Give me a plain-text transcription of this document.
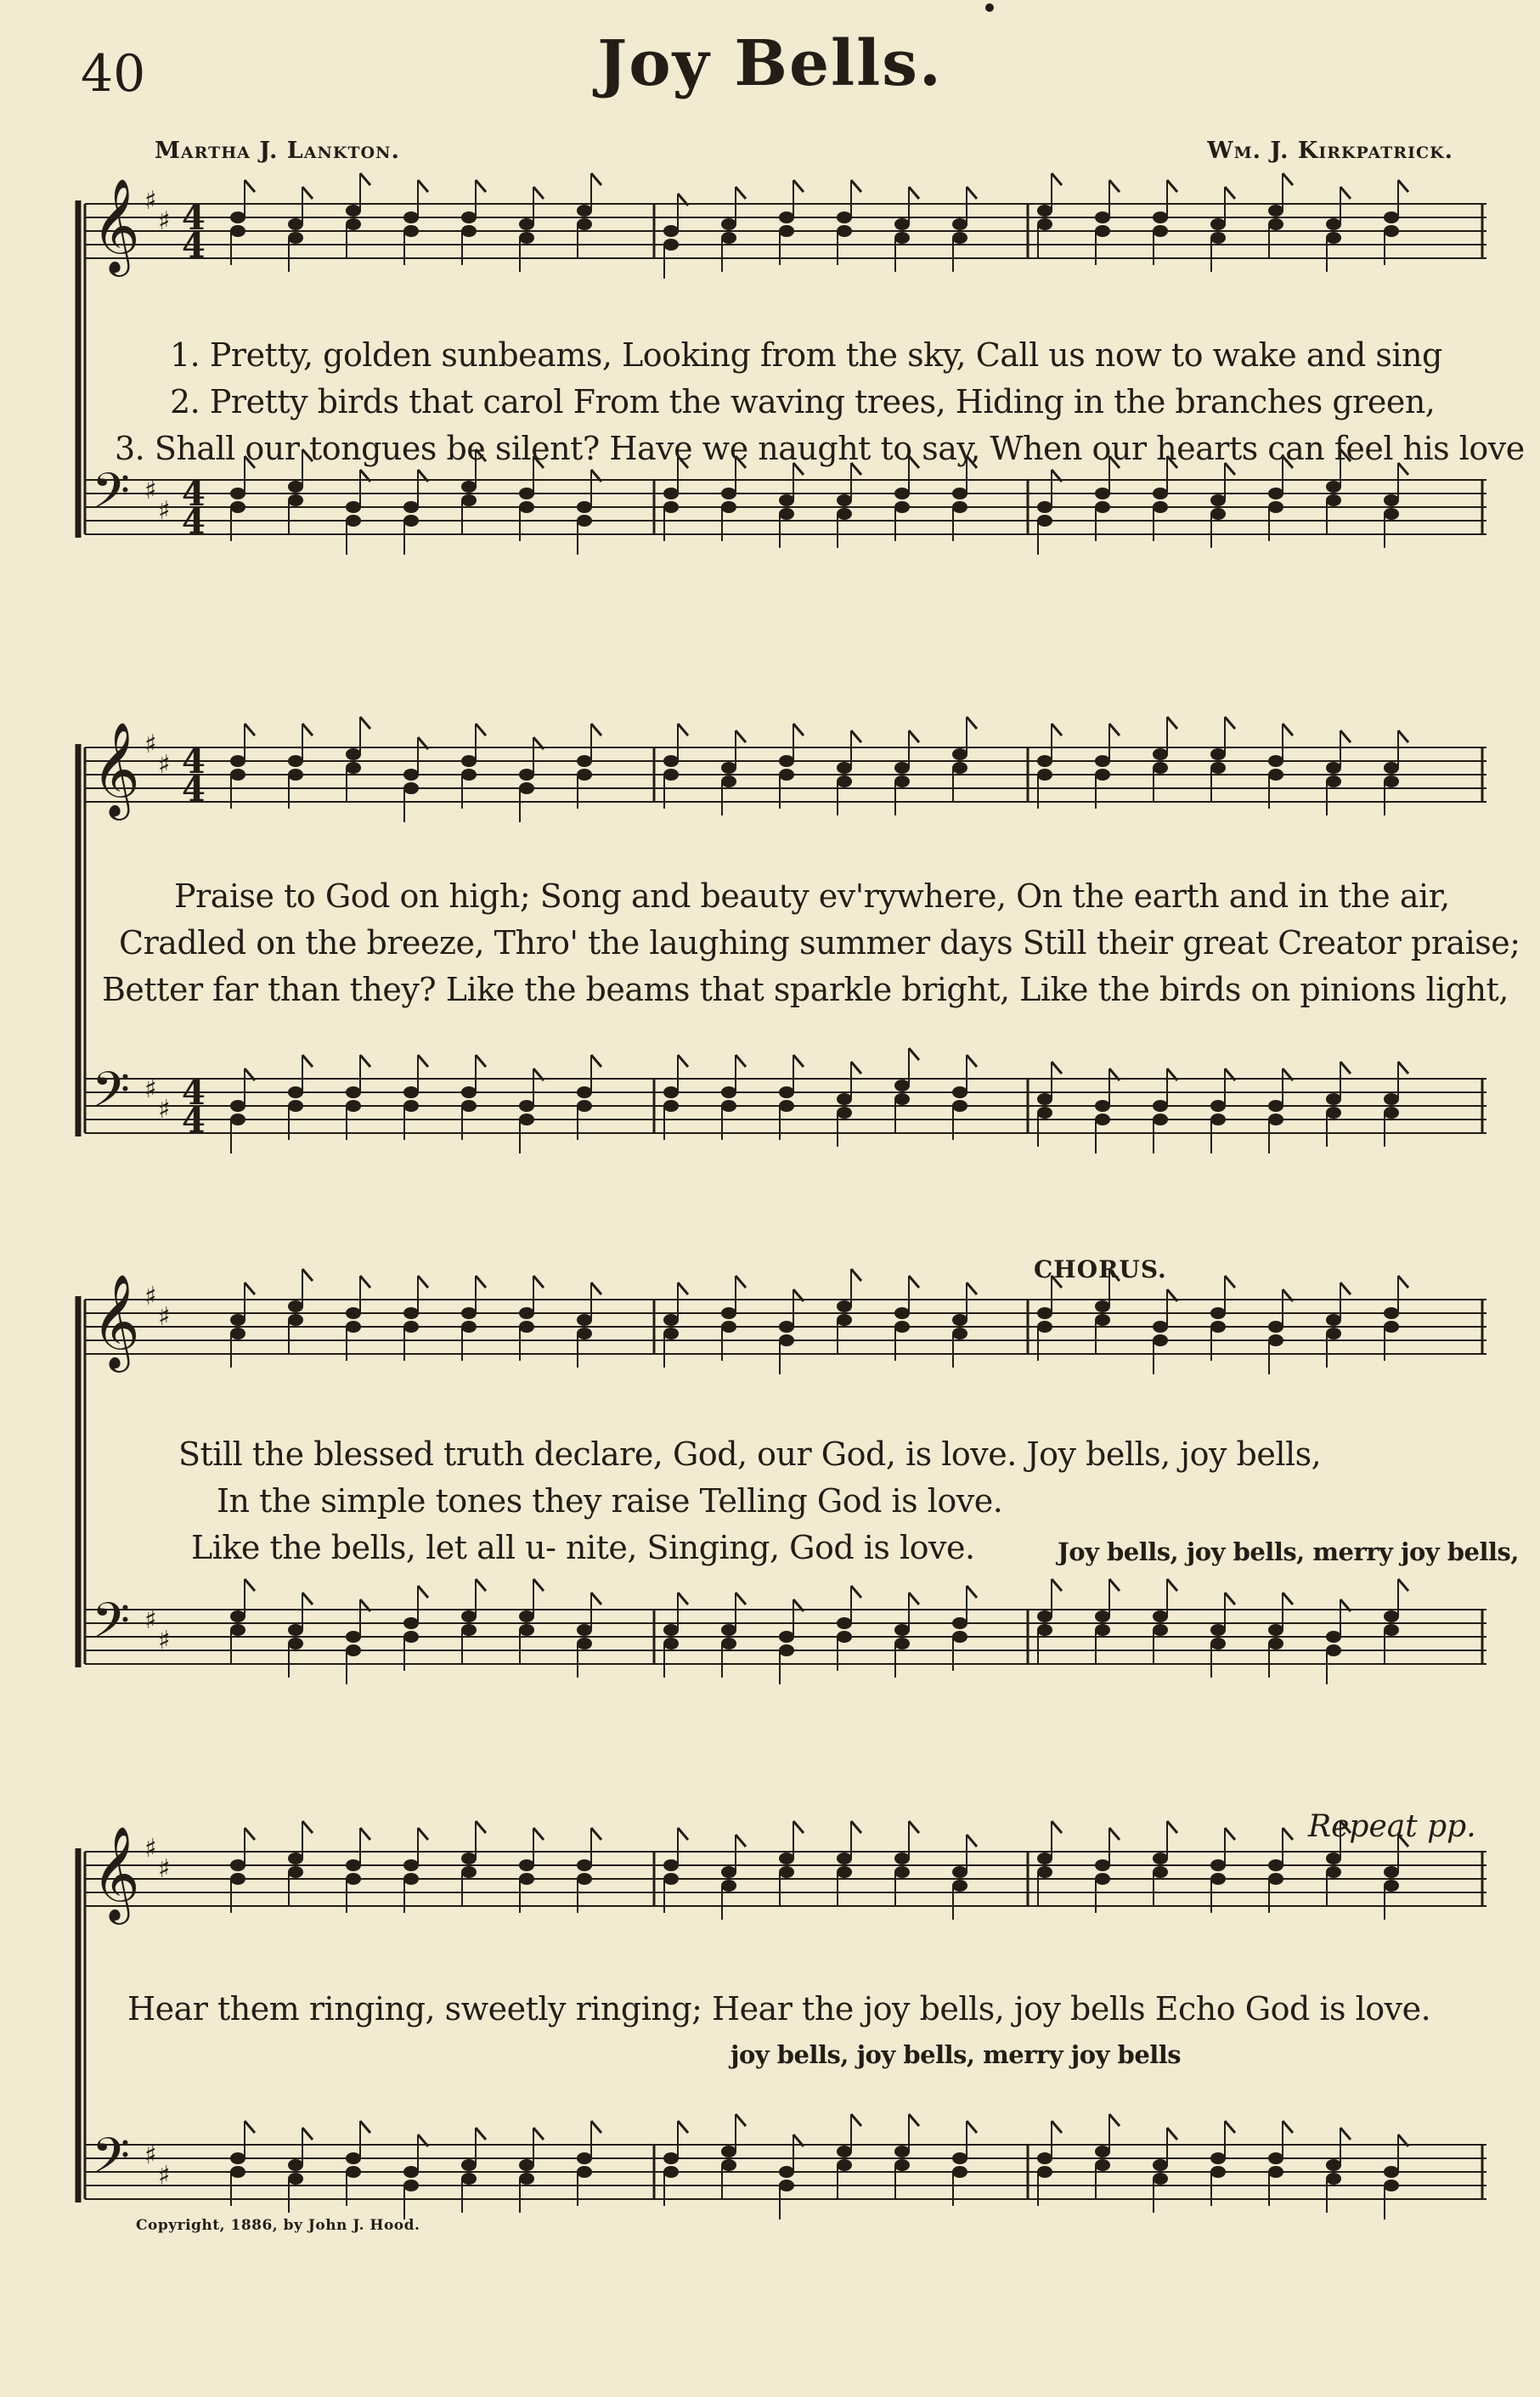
40	Joy Bells.
Martha J. Lankton.	Wm. J. Kirkpatrick.
𝄞 ♯
♯ 4
4
𝄢 ♯
♯ 4
4
1. Pretty, golden sunbeams, Looking from the sky, Call us now to wake and sing
2. Pretty birds that carol From the waving trees, Hiding in the branches green,
3. Shall our tongues be silent? Have we naught to say, When our hearts can feel his love
𝄞 ♯
♯ 4
4
𝄢 ♯
♯ 4
4
Praise to God on high; Song and beauty ev'rywhere, On the earth and in the air,
Cradled on the breeze, Thro' the laughing summer days Still their great Creator praise;
Better far than they? Like the beams that sparkle bright, Like the birds on pinions light,
CHORUS.
𝄞 ♯
♯
𝄢 ♯
♯
Still the blessed truth declare, God, our God, is love. Joy bells, joy bells,
In the simple tones they raise Telling God is love.
Like the bells, let all u- nite, Singing, God is love.	Joy bells, joy bells, merry joy bells,
Repeat pp.
𝄞 ♯
♯
𝄢 ♯
♯
Hear them ringing, sweetly ringing; Hear the joy bells, joy bells Echo God is love.
joy bells, joy bells, merry joy bells
Copyright, 1886, by John J. Hood.
